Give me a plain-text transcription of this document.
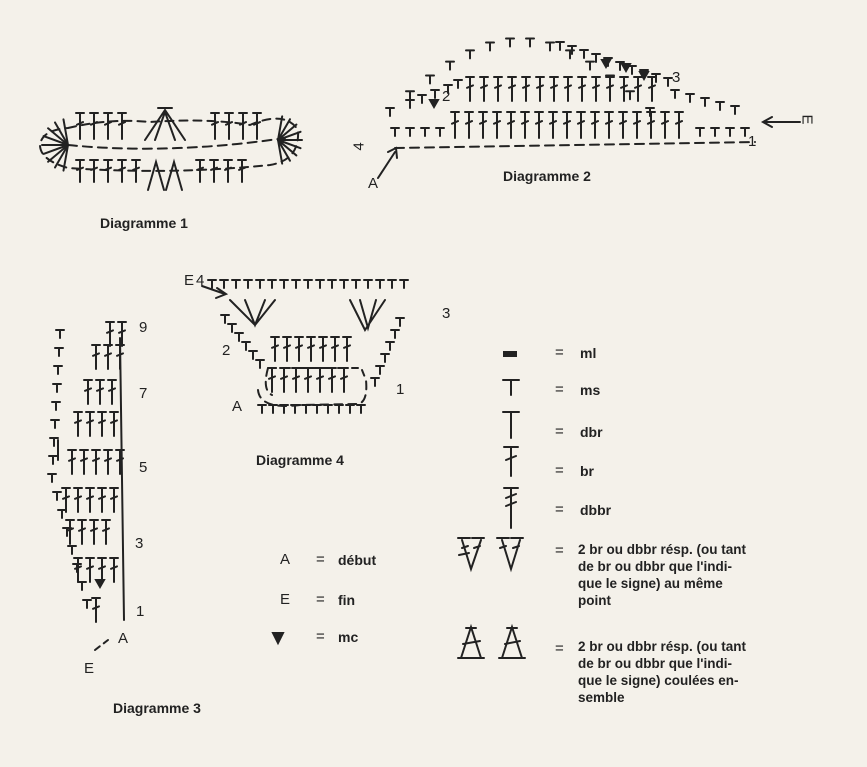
Diagramme 1
Diagramme 2
Diagramme 4
Diagramme 3
A
E
1
2
3
4
A
E 4
1
2
3
9
7
5
3
1
A
E
A = début
E = fin
= mc
= ml
= ms
= dbr
= br
= dbbr
= 2 br ou dbbr résp. (ou tant
de br ou dbbr que l'indi-
que le signe) au même
point
= 2 br ou dbbr résp. (ou tant
de br ou dbbr que l'indi-
que le signe) coulées en-
semble
